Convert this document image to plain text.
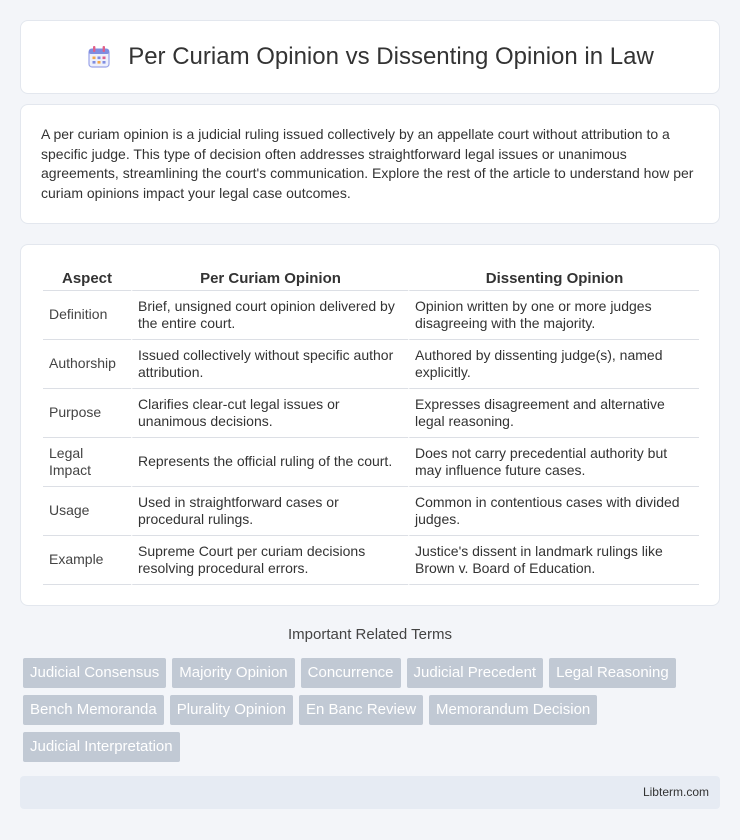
Per Curiam Opinion vs Dissenting Opinion in Law

A per curiam opinion is a judicial ruling issued collectively by an appellate court without attribution to a specific judge. This type of decision often addresses straightforward legal issues or unanimous agreements, streamlining the court's communication. Explore the rest of the article to understand how per curiam opinions impact your legal case outcomes.

Aspect	Per Curiam Opinion	Dissenting Opinion
Definition	Brief, unsigned court opinion delivered by the entire court.	Opinion written by one or more judges disagreeing with the majority.
Authorship	Issued collectively without specific author attribution.	Authored by dissenting judge(s), named explicitly.
Purpose	Clarifies clear-cut legal issues or unanimous decisions.	Expresses disagreement and alternative legal reasoning.
Legal Impact	Represents the official ruling of the court.	Does not carry precedential authority but may influence future cases.
Usage	Used in straightforward cases or procedural rulings.	Common in contentious cases with divided judges.
Example	Supreme Court per curiam decisions resolving procedural errors.	Justice's dissent in landmark rulings like Brown v. Board of Education.
Important Related Terms
Judicial Consensus	Majority Opinion	Concurrence	Judicial Precedent	Legal Reasoning
Bench Memoranda	Plurality Opinion	En Banc Review	Memorandum Decision
Judicial Interpretation
Libterm.com
